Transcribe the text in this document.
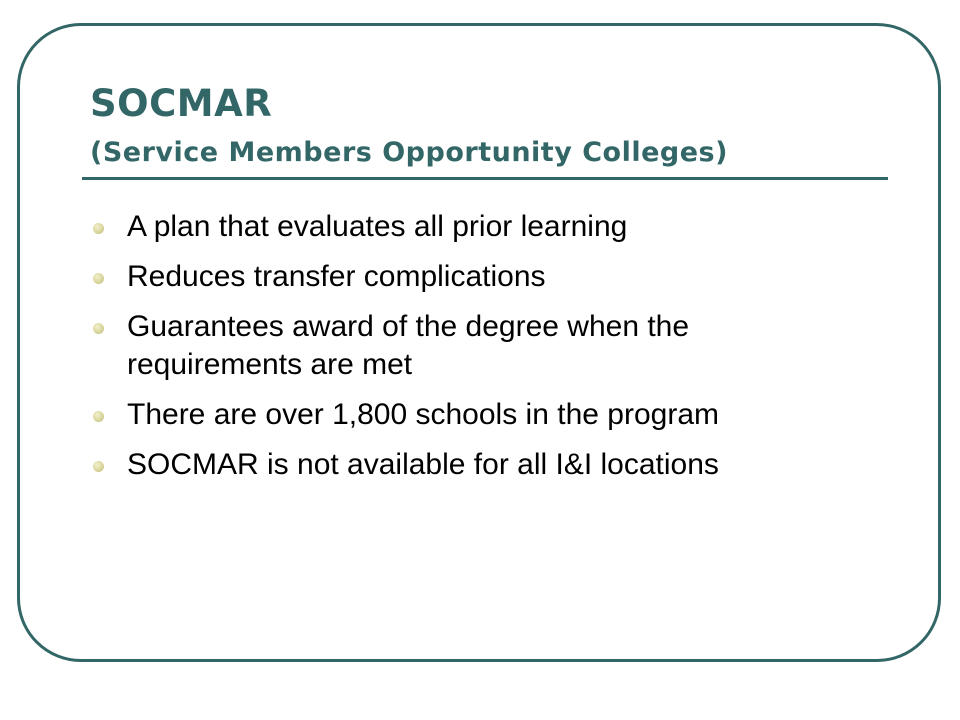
SOCMAR
(Service Members Opportunity Colleges)
A plan that evaluates all prior learning
Reduces transfer complications
Guarantees award of the degree when the requirements are met
There are over 1,800 schools in the program
SOCMAR is not available for all I&I locations
